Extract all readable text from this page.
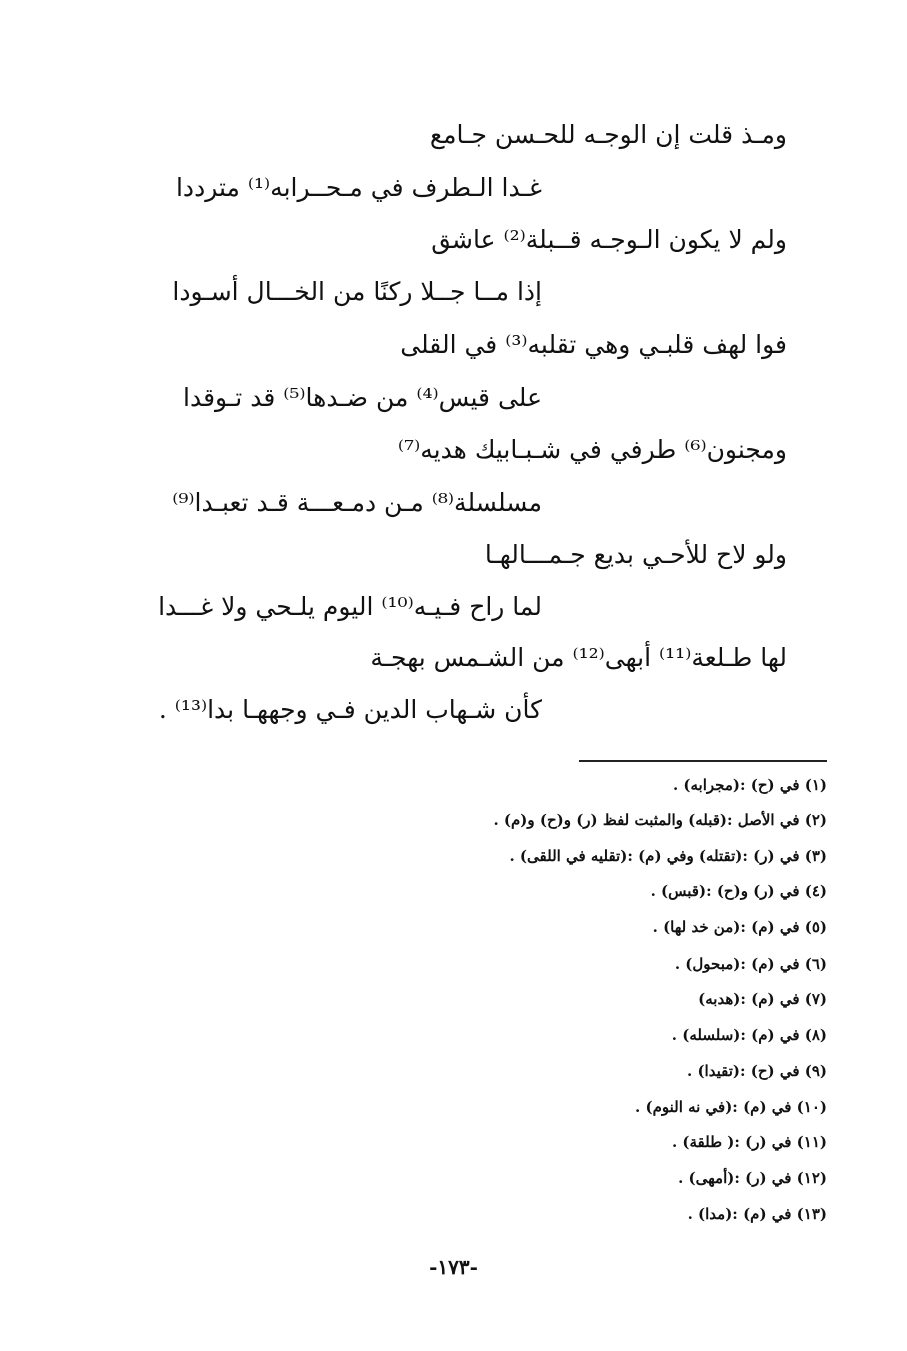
ومـذ قلت إن الوجـه للحـسن جـامع
غـدا الـطرف في مـحــرابه⁽¹⁾ مترددا
ولم لا يكون الـوجـه قــبلة⁽²⁾ عاشق
إذا مــا جــلا ركنًا من الخـــال أسـودا
فوا لهف قلبـي وهي تقلبه⁽³⁾ في القلى
على قيس⁽⁴⁾ من ضـدها⁽⁵⁾ قد تـوقدا
ومجنون⁽⁶⁾ طرفي في شـبـابيك هديه⁽⁷⁾
مسلسلة⁽⁸⁾ مـن دمـعـــة قـد تعبـدا⁽⁹⁾
ولو لاح للأحـي بديع جـمـــالهـا
لما راح فـيـه⁽¹⁰⁾ اليوم يلـحي ولا غـــدا
لها طـلعة⁽¹¹⁾ أبهى⁽¹²⁾ من الشـمس بهجـة
كأن شـهاب الدين فـي وجههـا بدا⁽¹³⁾ .
(١) في (ح) :(مجرابه) .
(٢) في الأصل :(قبله) والمثبت لفظ (ر) و(ح) و(م) .
(٣) في (ر) :(تقتله) وفي (م) :(تقليه في اللقى) .
(٤) في (ر) و(ح) :(قبس) .
(٥) في (م) :(من خد لها) .
(٦) في (م) :(مبحول) .
(٧) في (م) :(هدبه)
(٨) في (م) :(سلسله) .
(٩) في (ح) :(تقيدا) .
(١٠) في (م) :(في نه النوم) .
(١١) في (ر) :( طلقة) .
(١٢) في (ر) :(أمهى) .
(١٣) في (م) :(مدا) .
-١٧٣-
